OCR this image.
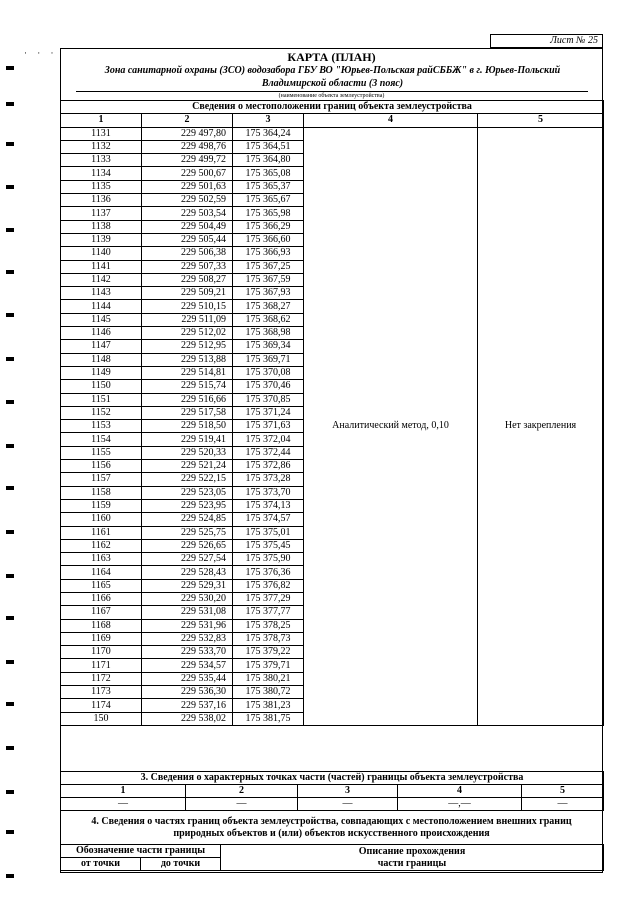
· · ·
Лист № 25
КАРТА (ПЛАН)
Зона санитарной охраны (ЗСО) водозабора ГБУ ВО "Юрьев-Польская райСББЖ" в г. Юрьев-Польский
Владимирской области (3 пояс)
(наименование объекта землеустройства)
Сведения о местоположении границ объекта землеустройства				
1	2	3	4	5
1131	229 497,80	175 364,24	Аналитический метод, 0,10	Нет закрепления
1132	229 498,76	175 364,51		
1133	229 499,72	175 364,80		
1134	229 500,67	175 365,08		
1135	229 501,63	175 365,37		
1136	229 502,59	175 365,67		
1137	229 503,54	175 365,98		
1138	229 504,49	175 366,29		
1139	229 505,44	175 366,60		
1140	229 506,38	175 366,93		
1141	229 507,33	175 367,25		
1142	229 508,27	175 367,59		
1143	229 509,21	175 367,93		
1144	229 510,15	175 368,27		
1145	229 511,09	175 368,62		
1146	229 512,02	175 368,98		
1147	229 512,95	175 369,34		
1148	229 513,88	175 369,71		
1149	229 514,81	175 370,08		
1150	229 515,74	175 370,46		
1151	229 516,66	175 370,85		
1152	229 517,58	175 371,24		
1153	229 518,50	175 371,63		
1154	229 519,41	175 372,04		
1155	229 520,33	175 372,44		
1156	229 521,24	175 372,86		
1157	229 522,15	175 373,28		
1158	229 523,05	175 373,70		
1159	229 523,95	175 374,13		
1160	229 524,85	175 374,57		
1161	229 525,75	175 375,01		
1162	229 526,65	175 375,45		
1163	229 527,54	175 375,90		
1164	229 528,43	175 376,36		
1165	229 529,31	175 376,82		
1166	229 530,20	175 377,29		
1167	229 531,08	175 377,77		
1168	229 531,96	175 378,25		
1169	229 532,83	175 378,73		
1170	229 533,70	175 379,22		
1171	229 534,57	175 379,71		
1172	229 535,44	175 380,21		
1173	229 536,30	175 380,72		
1174	229 537,16	175 381,23		
150	229 538,02	175 381,75		
3. Сведения о характерных точках части (частей) границы объекта землеустройства				
1	2	3	4	5
—	—	—	—,—	—
4. Сведения о частях границ объекта землеустройства, совпадающих с местоположением внешних границ
природных объектов и (или) объектов искусственного происхождения
Обозначение части границы		Описание прохождения
части границы

от точки	до точки	
